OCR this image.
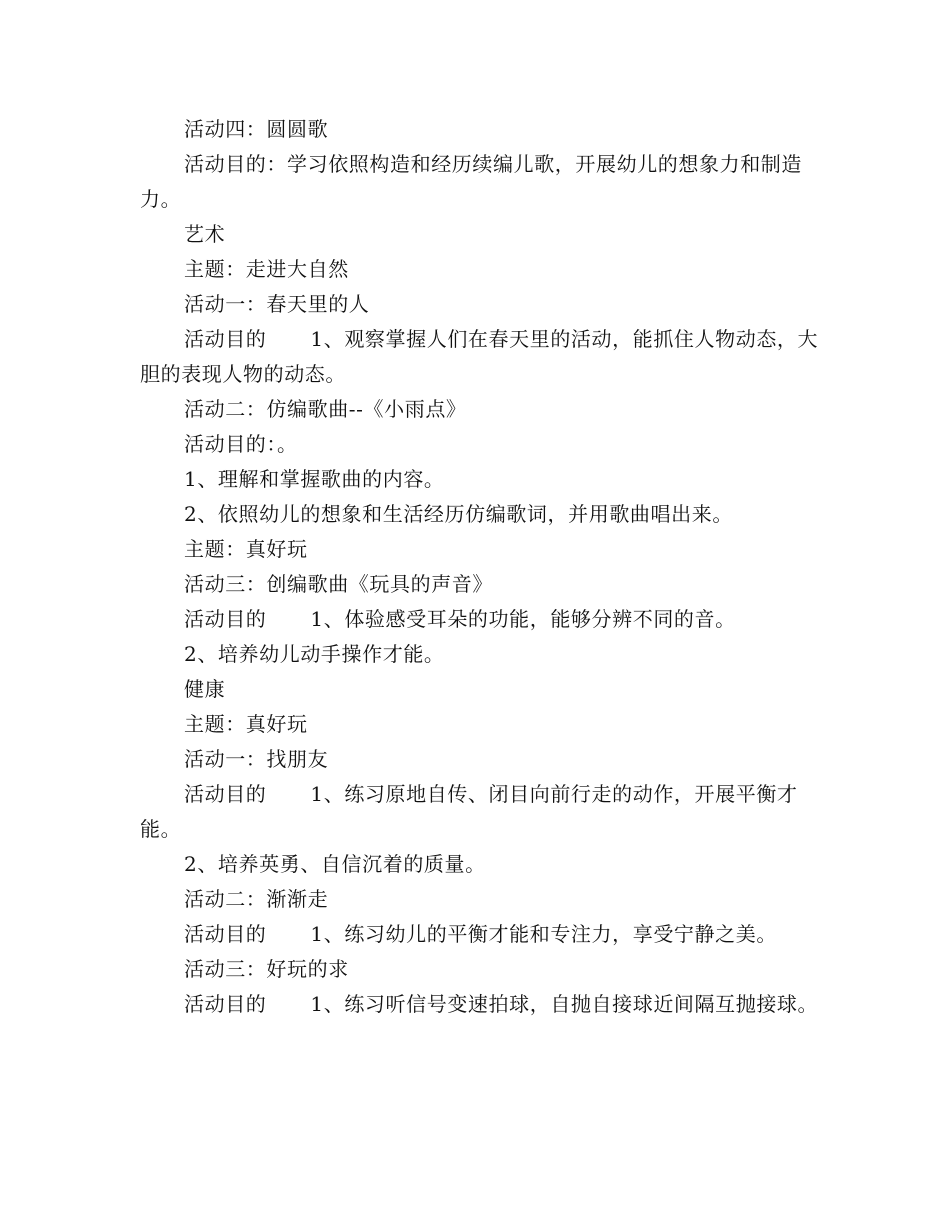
活动四：圆圆歌

活动目的：学习依照构造和经历续编儿歌，开展幼儿的想象力和制造力。

艺术

主题：走进大自然

活动一：春天里的人

活动目的 1、观察掌握人们在春天里的活动，能抓住人物动态，大胆的表现人物的动态。

活动二：仿编歌曲--《小雨点》

活动目的：。

1、理解和掌握歌曲的内容。

2、依照幼儿的想象和生活经历仿编歌词，并用歌曲唱出来。

主题：真好玩

活动三：创编歌曲《玩具的声音》

活动目的 1、体验感受耳朵的功能，能够分辨不同的音。

2、培养幼儿动手操作才能。

健康

主题：真好玩

活动一：找朋友

活动目的 1、练习原地自传、闭目向前行走的动作，开展平衡才能。

2、培养英勇、自信沉着的质量。

活动二：渐渐走

活动目的 1、练习幼儿的平衡才能和专注力，享受宁静之美。

活动三：好玩的求

活动目的 1、练习听信号变速拍球，自抛自接球近间隔互抛接球。
